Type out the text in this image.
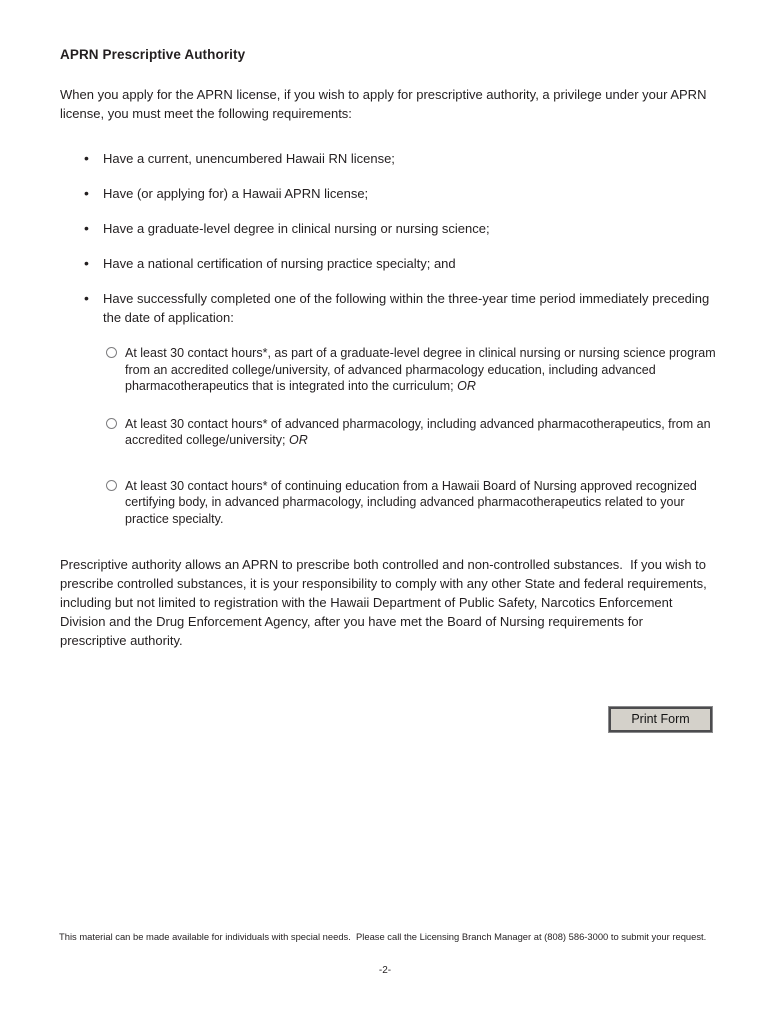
APRN Prescriptive Authority

When you apply for the APRN license, if you wish to apply for prescriptive authority, a privilege under your APRN license, you must meet the following requirements:

• Have a current, unencumbered Hawaii RN license;
• Have (or applying for) a Hawaii APRN license;
• Have a graduate-level degree in clinical nursing or nursing science;
• Have a national certification of nursing practice specialty; and
• Have successfully completed one of the following within the three-year time period immediately preceding the date of application:
At least 30 contact hours*, as part of a graduate-level degree in clinical nursing or nursing science program from an accredited college/university, of advanced pharmacology education, including advanced pharmacotherapeutics that is integrated into the curriculum; OR
At least 30 contact hours* of advanced pharmacology, including advanced pharmacotherapeutics, from an accredited college/university; OR
At least 30 contact hours* of continuing education from a Hawaii Board of Nursing approved recognized certifying body, in advanced pharmacology, including advanced pharmacotherapeutics related to your practice specialty.

Prescriptive authority allows an APRN to prescribe both controlled and non-controlled substances.  If you wish to prescribe controlled substances, it is your responsibility to comply with any other State and federal requirements, including but not limited to registration with the Hawaii Department of Public Safety, Narcotics Enforcement Division and the Drug Enforcement Agency, after you have met the Board of Nursing requirements for prescriptive authority.

Print Form
This material can be made available for individuals with special needs.  Please call the Licensing Branch Manager at (808) 586-3000 to submit your request.
-2-
